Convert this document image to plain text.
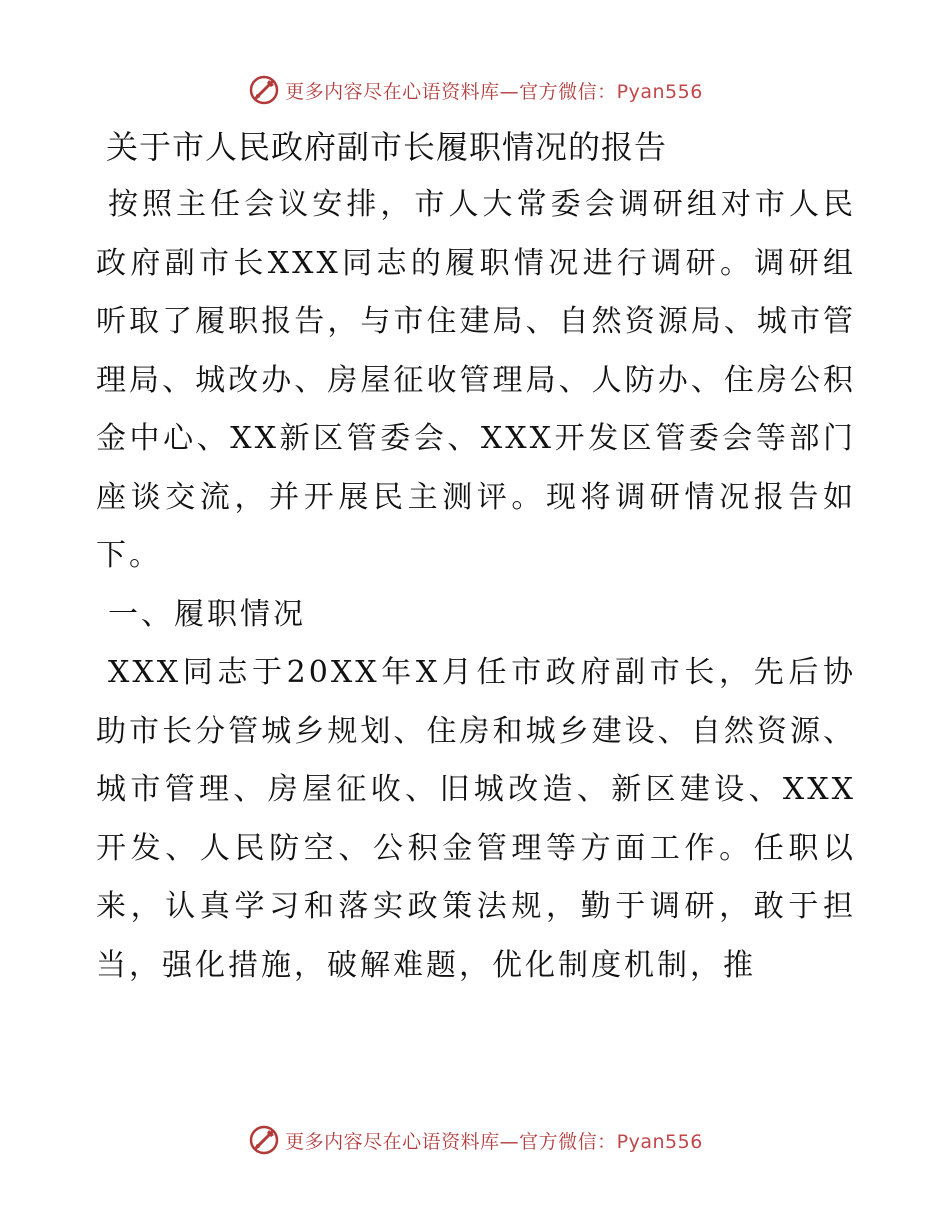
更多内容尽在心语资料库—官方微信：Pyan556
关于市人民政府副市长履职情况的报告

按照主任会议安排，市人大常委会调研组对市人民政府副市长XXX同志的履职情况进行调研。调研组听取了履职报告，与市住建局、自然资源局、城市管理局、城改办、房屋征收管理局、人防办、住房公积金中心、XX新区管委会、XXX开发区管委会等部门座谈交流，并开展民主测评。现将调研情况报告如下。

一、履职情况

XXX同志于20XX年X月任市政府副市长，先后协助市长分管城乡规划、住房和城乡建设、自然资源、城市管理、房屋征收、旧城改造、新区建设、XXX开发、人民防空、公积金管理等方面工作。任职以来，认真学习和落实政策法规，勤于调研，敢于担当，强化措施，破解难题，优化制度机制，推

更多内容尽在心语资料库—官方微信：Pyan556
